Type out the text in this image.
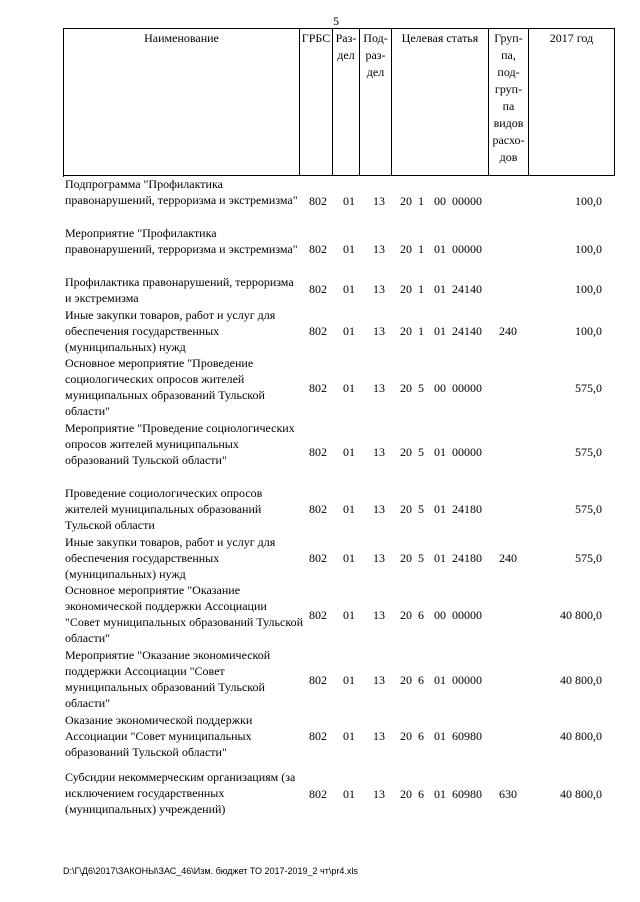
5
Наименование	ГРБС Раз-
дел
Под-
раз-
дел
Целевая статья	Груп-
па,
под-
груп-
па
видов
расхо-
дов
2017 год
Подпрограмма "Профилактика правонарушений, терроризма и экстремизма" 802 01 13 20 1 00 00000	100,0
Мероприятие "Профилактика правонарушений, терроризма и экстремизма" 802 01 13 20 1 01 00000	100,0
Профилактика правонарушений, терроризма и экстремизма
802 01 13 20 1 01 24140	100,0
Иные закупки товаров, работ и услуг для обеспечения государственных (муниципальных) нужд
802 01 13 20 1 01 24140 240	100,0
Основное мероприятие "Проведение социологических опросов жителей муниципальных образований Тульской области"
802 01 13 20 5 00 00000	575,0
Мероприятие "Проведение социологических опросов жителей муниципальных образований Тульской области"
802 01 13 20 5 01 00000	575,0
Проведение социологических опросов жителей муниципальных образований Тульской области
802 01 13 20 5 01 24180	575,0
Иные закупки товаров, работ и услуг для обеспечения государственных (муниципальных) нужд
802 01 13 20 5 01 24180 240	575,0
Основное мероприятие "Оказание экономической поддержки Ассоциации "Совет муниципальных образований Тульской области"
802 01 13 20 6 00 00000	40 800,0
Мероприятие "Оказание экономической поддержки Ассоциации "Совет муниципальных образований Тульской области"
802 01 13 20 6 01 00000	40 800,0
Оказание экономической поддержки Ассоциации "Совет муниципальных образований Тульской области"
802 01 13 20 6 01 60980	40 800,0
Субсидии некоммерческим организациям (за исключением государственных (муниципальных) учреждений)
802 01 13 20 6 01 60980 630	40 800,0
D:\Г\Д6\2017\ЗАКОНЫ\ЗАС_46\Изм. бюджет ТО 2017-2019_2 чт\pr4.xls
